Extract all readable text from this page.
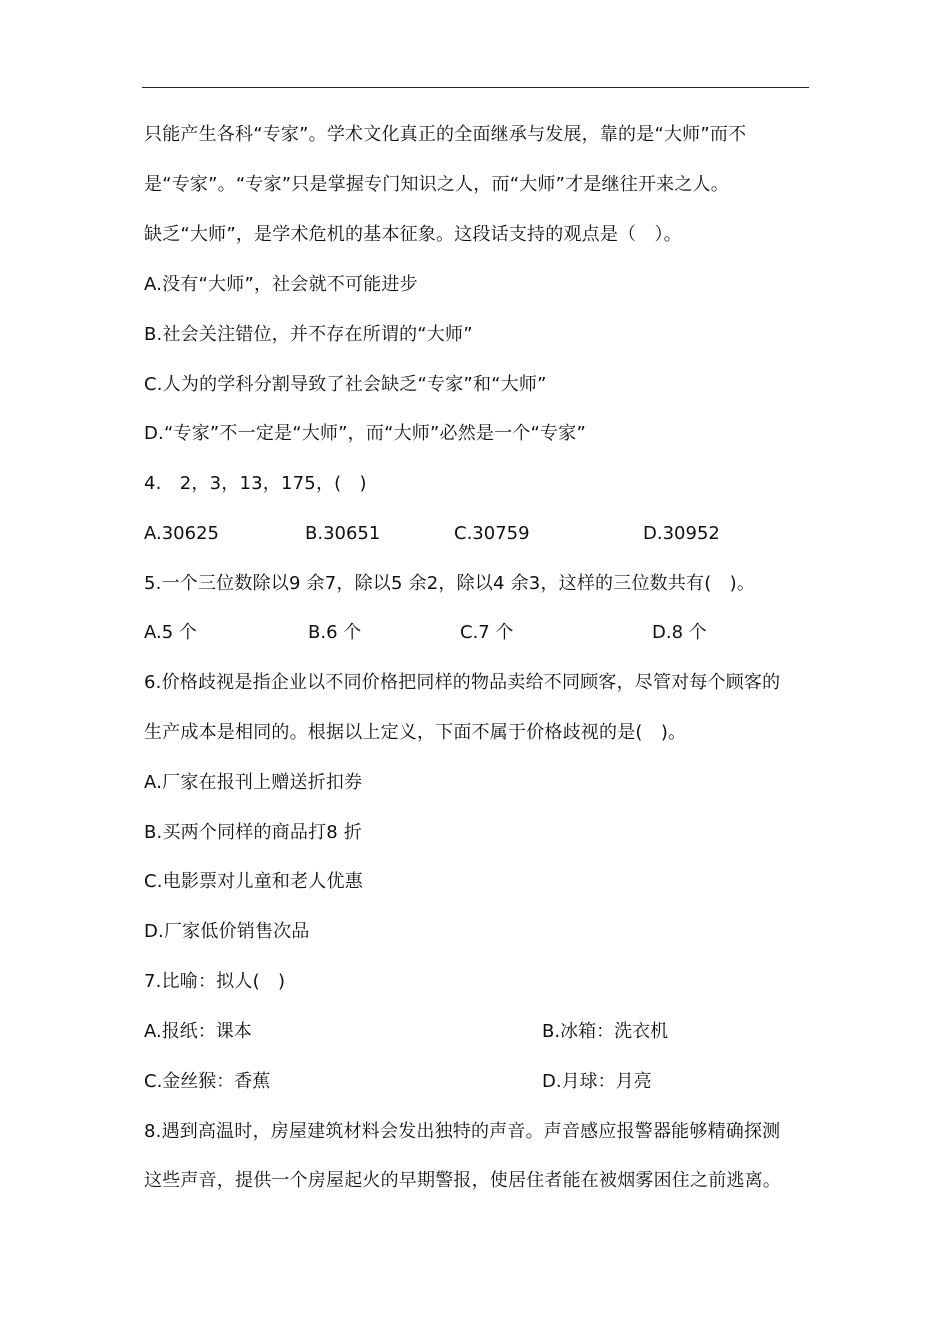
只能产生各科“专家”。学术文化真正的全面继承与发展，靠的是“大师”而不
是“专家”。“专家”只是掌握专门知识之人，而“大师”才是继往开来之人。
缺乏“大师”，是学术危机的基本征象。这段话支持的观点是（　）。
A.没有“大师”，社会就不可能进步
B.社会关注错位，并不存在所谓的“大师”
C.人为的学科分割导致了社会缺乏“专家”和“大师”
D.“专家”不一定是“大师”，而“大师”必然是一个“专家”
4.　2，3，13，175，(　)
A.30625	B.30651	C.30759	D.30952
5.一个三位数除以9 余7，除以5 余2，除以4 余3，这样的三位数共有(　)。
A.5 个	B.6 个	C.7 个	D.8 个
6.价格歧视是指企业以不同价格把同样的物品卖给不同顾客，尽管对每个顾客的
生产成本是相同的。根据以上定义，下面不属于价格歧视的是(　)。
A.厂家在报刊上赠送折扣券
B.买两个同样的商品打8 折
C.电影票对儿童和老人优惠
D.厂家低价销售次品
7.比喻：拟人(　)
A.报纸：课本	B.冰箱：洗衣机
C.金丝猴：香蕉	D.月球：月亮
8.遇到高温时，房屋建筑材料会发出独特的声音。声音感应报警器能够精确探测
这些声音，提供一个房屋起火的早期警报，使居住者能在被烟雾困住之前逃离。
